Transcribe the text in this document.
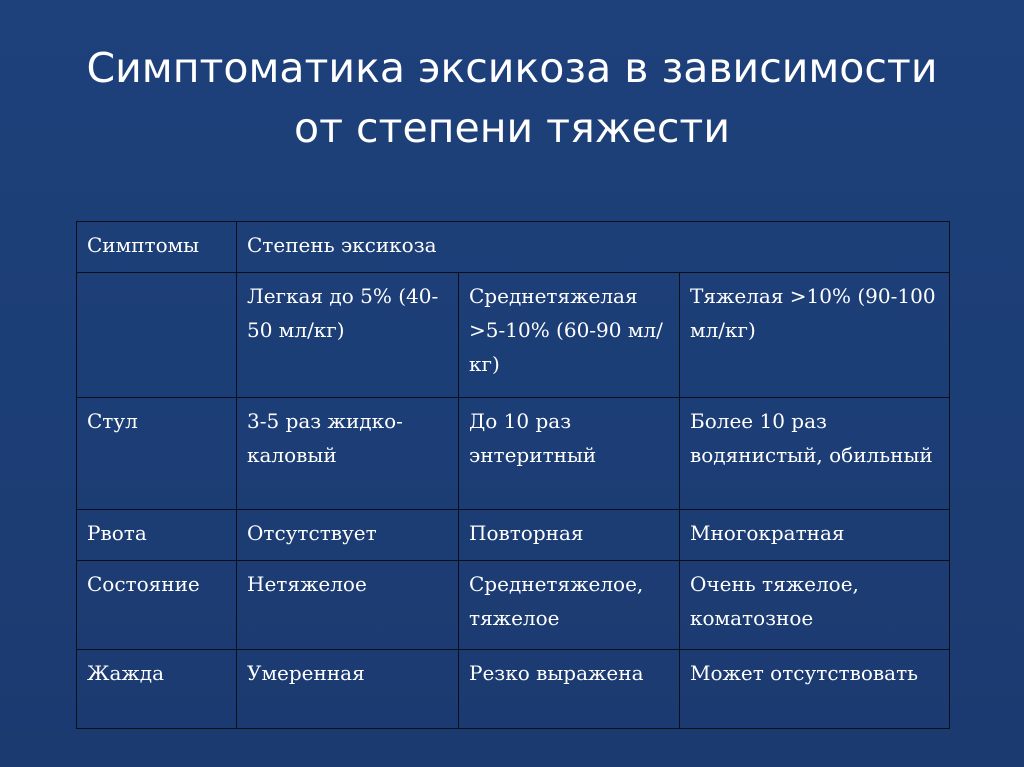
Симптоматика эксикоза в зависимости от степени тяжести
Симптомы	Степень эксикоза		
	Легкая до 5% (40-50 мл/кг)	Среднетяжелая >5-10% (60-90 мл/кг)	Тяжелая >10% (90-100 мл/кг)
Стул	3-5 раз жидко-каловый	До 10 раз энтеритный	Более 10 раз водянистый, обильный
Рвота	Отсутствует	Повторная	Многократная
Состояние	Нетяжелое	Среднетяжелое, тяжелое	Очень тяжелое, коматозное
Жажда	Умеренная	Резко выражена	Может отсутствовать
